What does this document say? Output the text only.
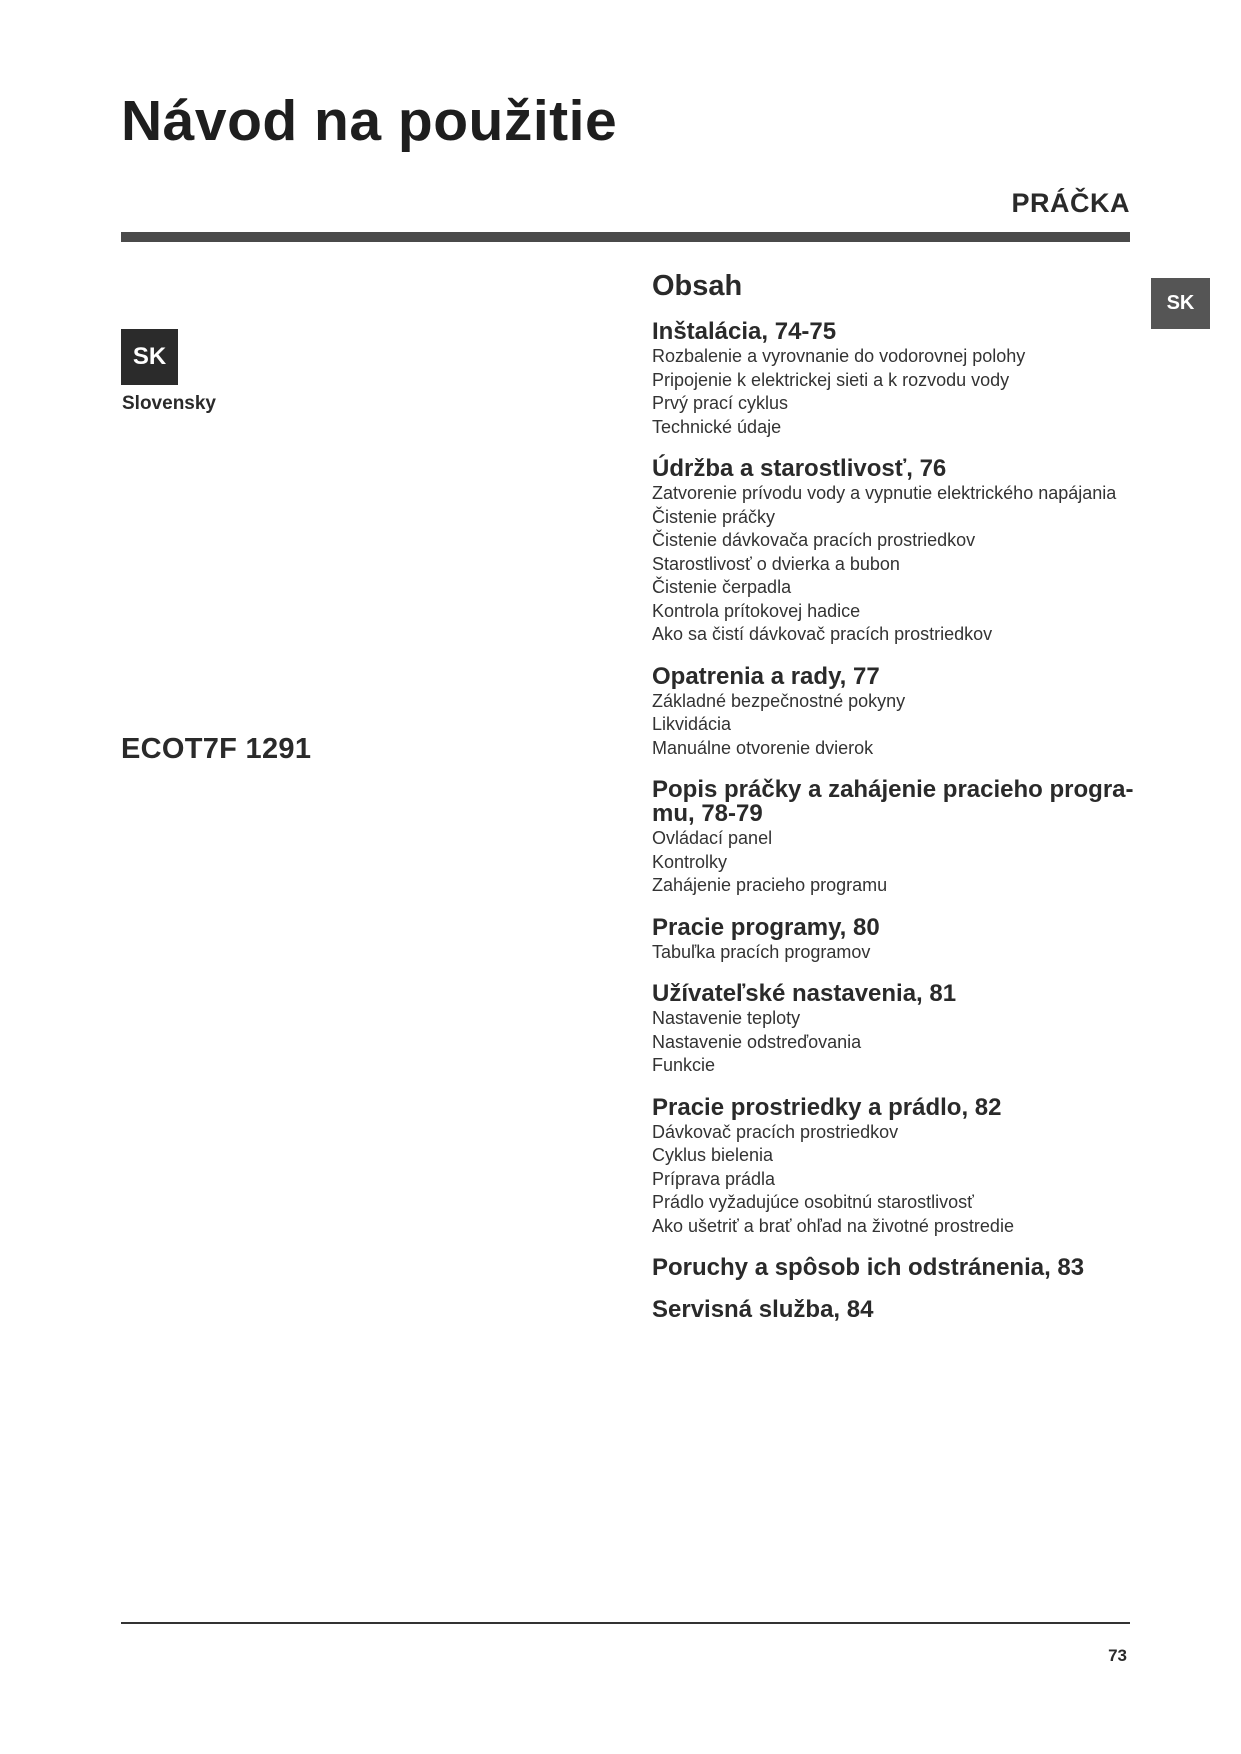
Návod na použitie
PRÁČKA
SK
SK
Slovensky
ECOT7F 1291
Obsah
Inštalácia, 74-75
Rozbalenie a vyrovnanie do vodorovnej polohy
Pripojenie k elektrickej sieti a k rozvodu vody
Prvý prací cyklus
Technické údaje
Údržba a starostlivosť, 76
Zatvorenie prívodu vody a vypnutie elektrického napájania
Čistenie práčky
Čistenie dávkovača pracích prostriedkov
Starostlivosť o dvierka a bubon
Čistenie čerpadla
Kontrola prítokovej hadice
Ako sa čistí dávkovač pracích prostriedkov
Opatrenia a rady, 77
Základné bezpečnostné pokyny
Likvidácia
Manuálne otvorenie dvierok
Popis práčky a zahájenie pracieho progra-
mu, 78-79
Ovládací panel
Kontrolky
Zahájenie pracieho programu
Pracie programy, 80
Tabuľka pracích programov
Užívateľské nastavenia, 81
Nastavenie teploty
Nastavenie odstreďovania
Funkcie
Pracie prostriedky a prádlo, 82
Dávkovač pracích prostriedkov
Cyklus bielenia
Príprava prádla
Prádlo vyžadujúce osobitnú starostlivosť
Ako ušetriť a brať ohľad na životné prostredie
Poruchy a spôsob ich odstránenia, 83
Servisná služba, 84
73
